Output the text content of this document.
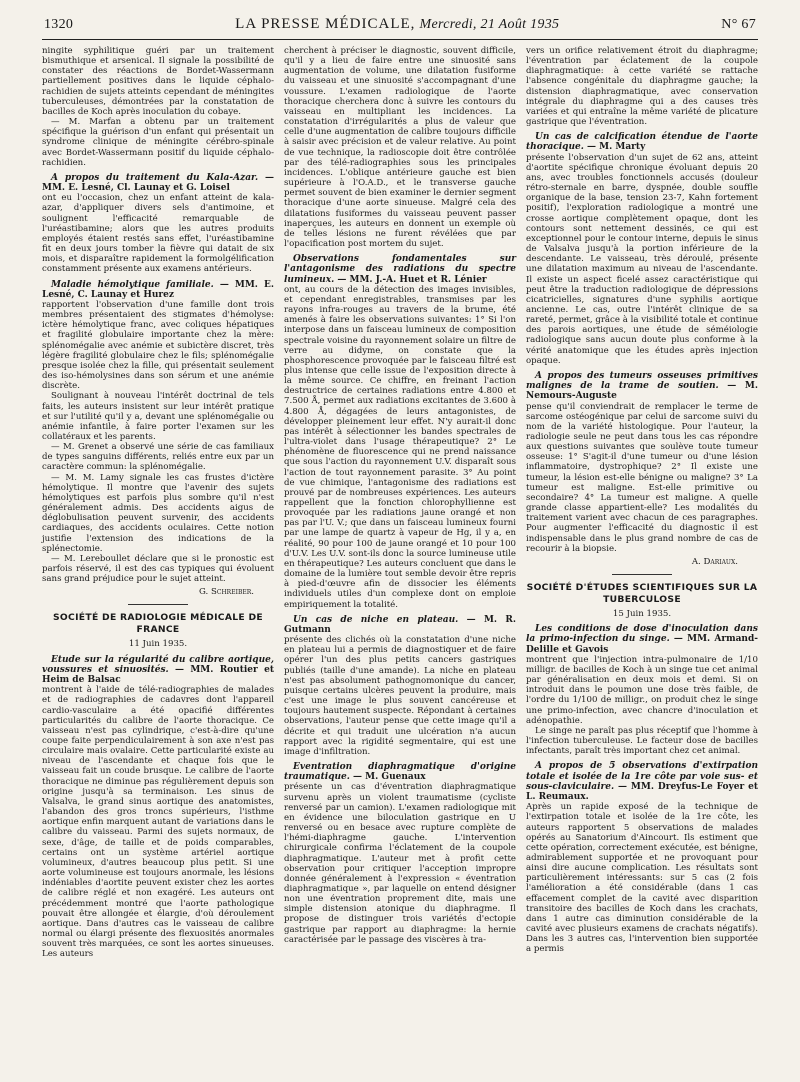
1320	LA PRESSE MÉDICALE, Mercredi, 21 Août 1935	N° 67

ningite syphilitique guéri par un traitement bismuthique et arsenical. Il signale la possibilité de constater des réactions de Bordet-Wassermann partiellement positives dans le liquide céphalo-rachidien de sujets atteints cependant de méningites tuberculeuses, démontrées par la constatation de bacilles de Koch après inoculation du cobaye.

— M. Marfan a obtenu par un traitement spécifique la guérison d'un enfant qui présentait un syndrome clinique de méningite cérébro-spinale avec Bordet-Wassermann positif du liquide céphalo-rachidien.

A propos du traitement du Kala-Azar. — MM. E. Lesné, Cl. Launay et G. Loisel

ont eu l'occasion, chez un enfant atteint de kala-azar, d'appliquer divers sels d'antimoine, et soulignent l'efficacité remarquable de l'uréastibamine; alors que les autres produits employés étaient restés sans effet, l'uréastibamine fit en deux jours tomber la fièvre qui datait de six mois, et disparaître rapidement la formolgélification constamment présente aux examens antérieurs.

Maladie hémolytique familiale. — MM. E. Lesné, C. Launay et Hurez

rapportent l'observation d'une famille dont trois membres présentaient des stigmates d'hémolyse: ictère hémolytique franc, avec coliques hépatiques et fragilité globulaire importante chez la mère: splénomégalie avec anémie et subictère discret, très légère fragilité globulaire chez le fils; splénomégalie presque isolée chez la fille, qui présentait seulement des iso-hémolysines dans son sérum et une anémie discrète.

Soulignant à nouveau l'intérêt doctrinal de tels faits, les auteurs insistent sur leur intérêt pratique et sur l'utilité qu'il y a, devant une splénomégalie ou anémie infantile, à faire porter l'examen sur les collatéraux et les parents.

— M. Grenet a observé une série de cas familiaux de types sanguins différents, reliés entre eux par un caractère commun: la splénomégalie.

— M. M. Lamy signale les cas frustes d'ictère hémolytique. Il montre que l'avenir des sujets hémolytiques est parfois plus sombre qu'il n'est généralement admis. Des accidents aigus de déglobulisation peuvent survenir, des accidents cardiaques, des accidents oculaires. Cette notion justifie l'extension des indications de la splénectomie.

— M. Lereboullet déclare que si le pronostic est parfois réservé, il est des cas typiques qui évoluent sans grand préjudice pour le sujet atteint.

G. Schreiber.
SOCIÉTÉ DE RADIOLOGIE MÉDICALE DE FRANCE
11 Juin 1935.
Etude sur la régularité du calibre aortique, voussures et sinuosités. — MM. Routier et Heim de Balsac

montrent à l'aide de télé-radiographies de malades et de radiographies de cadavres dont l'appareil cardio-vasculaire a été opacifié différentes particularités du calibre de l'aorte thoracique. Ce vaisseau n'est pas cylindrique, c'est-à-dire qu'une coupe faite perpendiculairement à son axe n'est pas circulaire mais ovalaire. Cette particularité existe au niveau de l'ascendante et chaque fois que le vaisseau fait un coude brusque. Le calibre de l'aorte thoracique ne diminue pas régulièrement depuis son origine jusqu'à sa terminaison. Les sinus de Valsalva, le grand sinus aortique des anatomistes, l'abandon des gros troncs supérieurs, l'isthme aortique enfin marquent autant de variations dans le calibre du vaisseau. Parmi des sujets normaux, de sexe, d'âge, de taille et de poids comparables, certains ont un système artériel aortique volumineux, d'autres beaucoup plus petit. Si une aorte volumineuse est toujours anormale, les lésions indéniables d'aortite peuvent exister chez les aortes de calibre réglé et non exagéré. Les auteurs ont précédemment montré que l'aorte pathologique pouvait être allongée et élargie, d'où déroulement aortique. Dans d'autres cas le vaisseau de calibre normal ou élargi présente des flexuosités anormales souvent très marquées, ce sont les aortes sinueuses. Les auteurs

cherchent à préciser le diagnostic, souvent difficile, qu'il y a lieu de faire entre une sinuosité sans augmentation de volume, une dilatation fusiforme du vaisseau et une sinuosité s'accompagnant d'une voussure. L'examen radiologique de l'aorte thoracique cherchera donc à suivre les contours du vaisseau en multipliant les incidences. La constatation d'irrégularités a plus de valeur que celle d'une augmentation de calibre toujours difficile à saisir avec précision et de valeur relative. Au point de vue technique, la radioscopie doit être contrôlée par des télé-radiographies sous les principales incidences. L'oblique antérieure gauche est bien supérieure à l'O.A.D., et le transverse gauche permet souvent de bien examiner le dernier segment thoracique d'une aorte sinueuse. Malgré cela des dilatations fusiformes du vaisseau peuvent passer inaperçues, les auteurs en donnent un exemple où de telles lésions ne furent révélées que par l'opacification post mortem du sujet.

Observations fondamentales sur l'antagonisme des radiations du spectre lumineux. — MM. J.-A. Huet et R. Lénier

ont, au cours de la détection des images invisibles, et cependant enregistrables, transmises par les rayons infra-rouges au travers de la brume, été amenés à faire les observations suivantes: 1° Si l'on interpose dans un faisceau lumineux de composition spectrale voisine du rayonnement solaire un filtre de verre au didyme, on constate que la phosphorescence provoquée par le faisceau filtré est plus intense que celle issue de l'exposition directe à la même source. Ce chiffre, en freinant l'action destructrice de certaines radiations entre 4.800 et 7.500 Å, permet aux radiations excitantes de 3.600 à 4.800 Å, dégagées de leurs antagonistes, de développer pleinement leur effet. N'y aurait-il donc pas intérêt à sélectionner les bandes spectrales de l'ultra-violet dans l'usage thérapeutique? 2° Le phénomène de fluorescence qui ne prend naissance que sous l'action du rayonnement U.V. disparaît sous l'action de tout rayonnement parasite. 3° Au point de vue chimique, l'antagonisme des radiations est prouvé par de nombreuses expériences. Les auteurs rappellent que la fonction chlorophyllienne est provoquée par les radiations jaune orangé et non pas par l'U. V.; que dans un faisceau lumineux fourni par une lampe de quartz à vapeur de Hg, il y a, en réalité, 90 pour 100 de jaune orangé et 10 pour 100 d'U.V. Les U.V. sont-ils donc la source lumineuse utile en thérapeutique? Les auteurs concluent que dans le domaine de la lumière tout semble devoir être repris à pied-d'œuvre afin de dissocier les éléments individuels utiles d'un complexe dont on emploie empiriquement la totalité.

Un cas de niche en plateau. — M. R. Gutmann

présente des clichés où la constatation d'une niche en plateau lui a permis de diagnostiquer et de faire opérer l'un des plus petits cancers gastriques publiés (taille d'une amande). La niche en plateau n'est pas absolument pathognomonique du cancer, puisque certains ulcères peuvent la produire, mais c'est une image le plus souvent cancéreuse et toujours hautement suspecte. Répondant à certaines observations, l'auteur pense que cette image qu'il a décrite et qui traduit une ulcération n'a aucun rapport avec la rigidité segmentaire, qui est une image d'infiltration.

Eventration diaphragmatique d'origine traumatique. — M. Guenaux

présente un cas d'éventration diaphragmatique survenu après un violent traumatisme (cycliste renversé par un camion). L'examen radiologique mit en évidence une biloculation gastrique en U renversé ou en besace avec rupture complète de l'hémi-diaphragme gauche. L'intervention chirurgicale confirma l'éclatement de la coupole diaphragmatique. L'auteur met à profit cette observation pour critiquer l'acception impropre donnée généralement à l'expression « éventration diaphragmatique », par laquelle on entend désigner non une éventration proprement dite, mais une simple distension atonique du diaphragme. Il propose de distinguer trois variétés d'ectopie gastrique par rapport au diaphragme: la hernie caractérisée par le passage des viscères à tra-

vers un orifice relativement étroit du diaphragme; l'éventration par éclatement de la coupole diaphragmatique: à cette variété se rattache l'absence congénitale du diaphragme gauche; la distension diaphragmatique, avec conservation intégrale du diaphragme qui a des causes très variées et qui entraîne la même variété de plicature gastrique que l'éventration.

Un cas de calcification étendue de l'aorte thoracique. — M. Marty

présente l'observation d'un sujet de 62 ans, atteint d'aortite spécifique chronique évoluant depuis 20 ans, avec troubles fonctionnels accusés (douleur rétro-sternale en barre, dyspnée, double souffle organique de la base, tension 23-7, Kahn fortement positif), l'exploration radiologique a montré une crosse aortique complètement opaque, dont les contours sont nettement dessinés, ce qui est exceptionnel pour le contour interne, depuis le sinus de Valsalva jusqu'à la portion inférieure de la descendante. Le vaisseau, très déroulé, présente une dilatation maximum au niveau de l'ascendante. Il existe un aspect ficelé assez caractéristique qui peut être la traduction radiologique de dépressions cicatricielles, signatures d'une syphilis aortique ancienne. Le cas, outre l'intérêt clinique de sa rareté, permet, grâce à la visibilité totale et continue des parois aortiques, une étude de séméiologie radiologique sans aucun doute plus conforme à la vérité anatomique que les études après injection opaque.

A propos des tumeurs osseuses primitives malignes de la trame de soutien. — M. Nemours-Auguste

pense qu'il conviendrait de remplacer le terme de sarcome ostéogénique par celui de sarcome suivi du nom de la variété histologique. Pour l'auteur, la radiologie seule ne peut dans tous les cas répondre aux questions suivantes que soulève toute tumeur osseuse: 1° S'agit-il d'une tumeur ou d'une lésion inflammatoire, dystrophique? 2° Il existe une tumeur, la lésion est-elle bénigne ou maligne? 3° La tumeur est maligne. Est-elle primitive ou secondaire? 4° La tumeur est maligne. A quelle grande classe appartient-elle? Les modalités du traitement varient avec chacun de ces paragraphes. Pour augmenter l'efficacité du diagnostic il est indispensable dans le plus grand nombre de cas de recourir à la biopsie.

A. Dariaux.
SOCIÉTÉ D'ÉTUDES SCIENTIFIQUES SUR LA TUBERCULOSE
15 Juin 1935.
Les conditions de dose d'inoculation dans la primo-infection du singe. — MM. Armand-Delille et Gavois

montrent que l'injection intra-pulmonaire de 1/10 milligr. de bacilles de Koch à un singe tue cet animal par généralisation en deux mois et demi. Si on introduit dans le poumon une dose très faible, de l'ordre du 1/100 de milligr., on produit chez le singe une primo-infection, avec chancre d'inoculation et adénopathie.

Le singe ne paraît pas plus réceptif que l'homme à l'infection tuberculeuse. Le facteur dose de bacilles infectants, paraît très important chez cet animal.

A propos de 5 observations d'extirpation totale et isolée de la 1re côte par voie sus- et sous-claviculaire. — MM. Dreyfus-Le Foyer et L. Reumaux.

Après un rapide exposé de la technique de l'extirpation totale et isolée de la 1re côte, les auteurs rapportent 5 observations de malades opérés au Sanatorium d'Aincourt. Ils estiment que cette opération, correctement exécutée, est bénigne, admirablement supportée et ne provoquant pour ainsi dire aucune complication. Les résultats sont particulièrement intéressants: sur 5 cas (2 fois l'amélioration a été considérable (dans 1 cas effacement complet de la cavité avec disparition transitoire des bacilles de Koch dans les crachats, dans 1 autre cas diminution considérable de la cavité avec plusieurs examens de crachats négatifs). Dans les 3 autres cas, l'intervention bien supportée a permis
